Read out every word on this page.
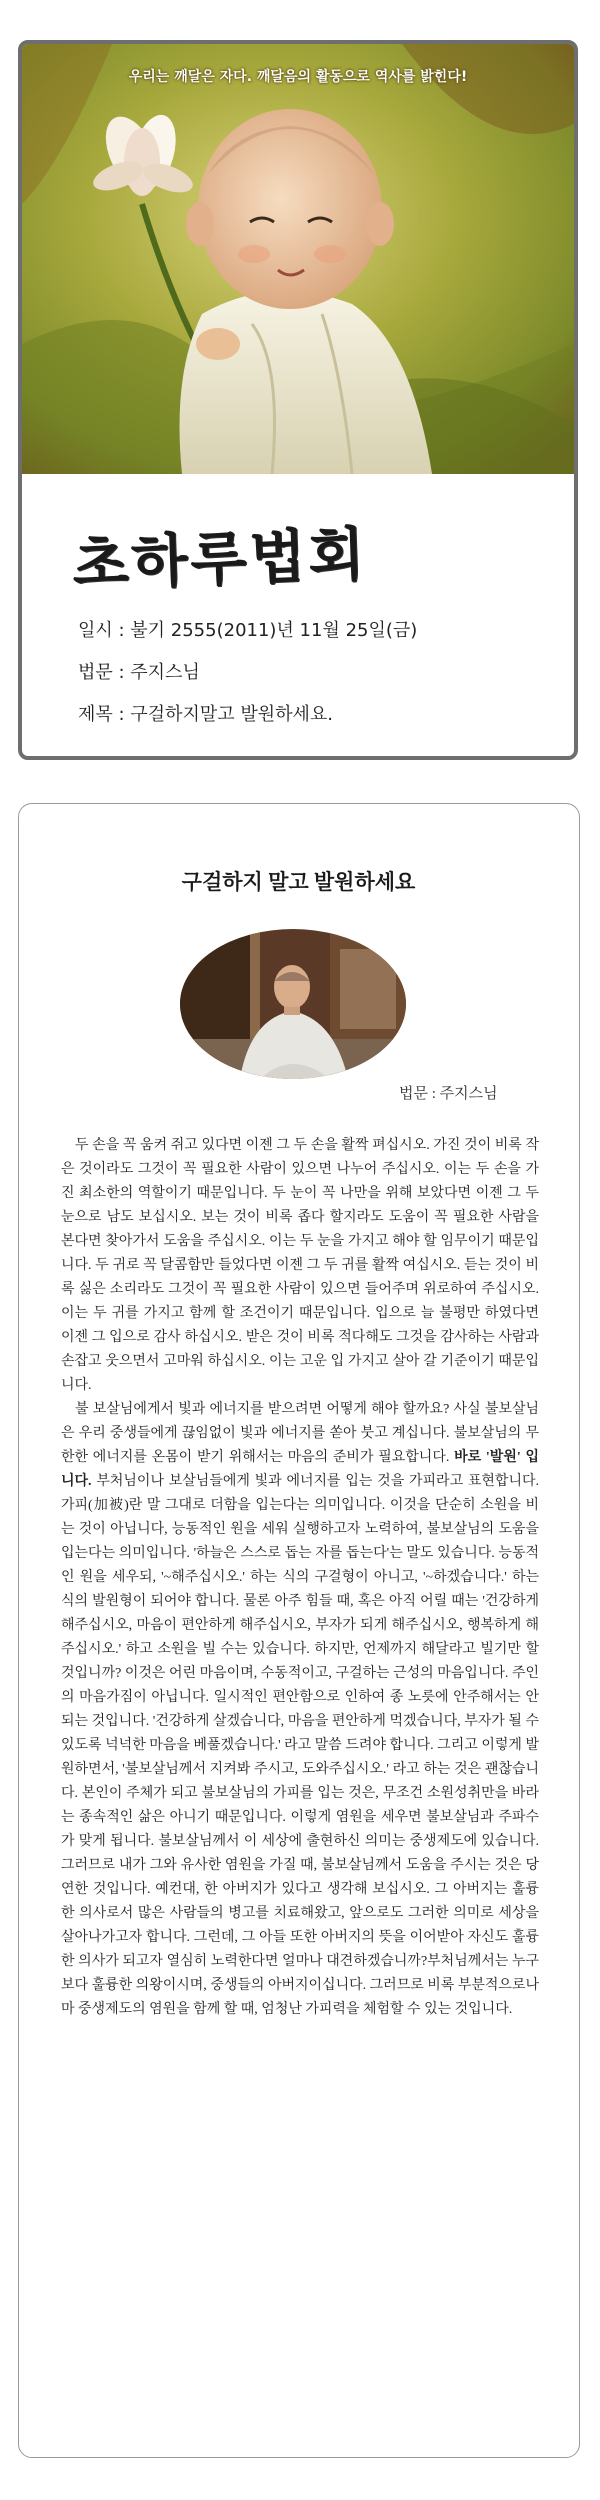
우리는 깨달은 자다. 깨달음의 활동으로 역사를 밝힌다!
초하루법회
일시 : 불기 2555(2011)년 11월 25일(금)
법문 : 주지스님
제목 : 구걸하지말고 발원하세요.
구걸하지 말고 발원하세요
법문 : 주지스님

두 손을 꼭 움켜 쥐고 있다면 이젠 그 두 손을 활짝 펴십시오. 가진 것이 비록 작은 것이라도 그것이 꼭 필요한 사람이 있으면 나누어 주십시오. 이는 두 손을 가진 최소한의 역할이기 때문입니다. 두 눈이 꼭 나만을 위해 보았다면 이젠 그 두 눈으로 남도 보십시오. 보는 것이 비록 좁다 할지라도 도움이 꼭 필요한 사람을 본다면 찾아가서 도움을 주십시오. 이는 두 눈을 가지고 해야 할 임무이기 때문입니다. 두 귀로 꼭 달콤함만 들었다면 이젠 그 두 귀를 활짝 여십시오. 듣는 것이 비록 싫은 소리라도 그것이 꼭 필요한 사람이 있으면 들어주며 위로하여 주십시오. 이는 두 귀를 가지고 함께 할 조건이기 때문입니다. 입으로 늘 불평만 하였다면 이젠 그 입으로 감사 하십시오. 받은 것이 비록 적다해도 그것을 감사하는 사람과 손잡고 웃으면서 고마워 하십시오. 이는 고운 입 가지고 살아 갈 기준이기 때문입니다.

불 보살님에게서 빛과 에너지를 받으려면 어떻게 해야 할까요? 사실 불보살님은 우리 중생들에게 끊임없이 빛과 에너지를 쏟아 붓고 계십니다. 불보살님의 무한한 에너지를 온몸이 받기 위해서는 마음의 준비가 필요합니다. 바로 '발원' 입니다. 부처님이나 보살님들에게 빛과 에너지를 입는 것을 가피라고 표현합니다. 가피(加被)란 말 그대로 더함을 입는다는 의미입니다. 이것을 단순히 소원을 비는 것이 아닙니다, 능동적인 원을 세워 실행하고자 노력하여, 불보살님의 도움을 입는다는 의미입니다. '하늘은 스스로 돕는 자를 돕는다'는 말도 있습니다. 능동적인 원을 세우되, '~해주십시오.' 하는 식의 구걸형이 아니고, '~하겠습니다.' 하는 식의 발원형이 되어야 합니다. 물론 아주 힘들 때, 혹은 아직 어릴 때는 '건강하게 해주십시오, 마음이 편안하게 해주십시오, 부자가 되게 해주십시오, 행복하게 해주십시오.' 하고 소원을 빌 수는 있습니다. 하지만, 언제까지 해달라고 빌기만 할 것입니까? 이것은 어린 마음이며, 수동적이고, 구걸하는 근성의 마음입니다. 주인의 마음가짐이 아닙니다. 일시적인 편안함으로 인하여 종 노릇에 안주해서는 안 되는 것입니다. '건강하게 살겠습니다, 마음을 편안하게 먹겠습니다, 부자가 될 수 있도록 넉넉한 마음을 베풀겠습니다.' 라고 말씀 드려야 합니다. 그리고 이렇게 발원하면서, '불보살님께서 지켜봐 주시고, 도와주십시오.' 라고 하는 것은 괜찮습니다. 본인이 주체가 되고 불보살님의 가피를 입는 것은, 무조건 소원성취만을 바라는 종속적인 삶은 아니기 때문입니다. 이렇게 염원을 세우면 불보살님과 주파수가 맞게 됩니다. 불보살님께서 이 세상에 출현하신 의미는 중생제도에 있습니다. 그러므로 내가 그와 유사한 염원을 가질 때, 불보살님께서 도움을 주시는 것은 당연한 것입니다. 예컨대, 한 아버지가 있다고 생각해 보십시오. 그 아버지는 훌륭한 의사로서 많은 사람들의 병고를 치료해왔고, 앞으로도 그러한 의미로 세상을 살아나가고자 합니다. 그런데, 그 아들 또한 아버지의 뜻을 이어받아 자신도 훌륭한 의사가 되고자 열심히 노력한다면 얼마나 대견하겠습니까?부처님께서는 누구보다 훌륭한 의왕이시며, 중생들의 아버지이십니다. 그러므로 비록 부분적으로나마 중생제도의 염원을 함께 할 때, 엄청난 가피력을 체험할 수 있는 것입니다.
